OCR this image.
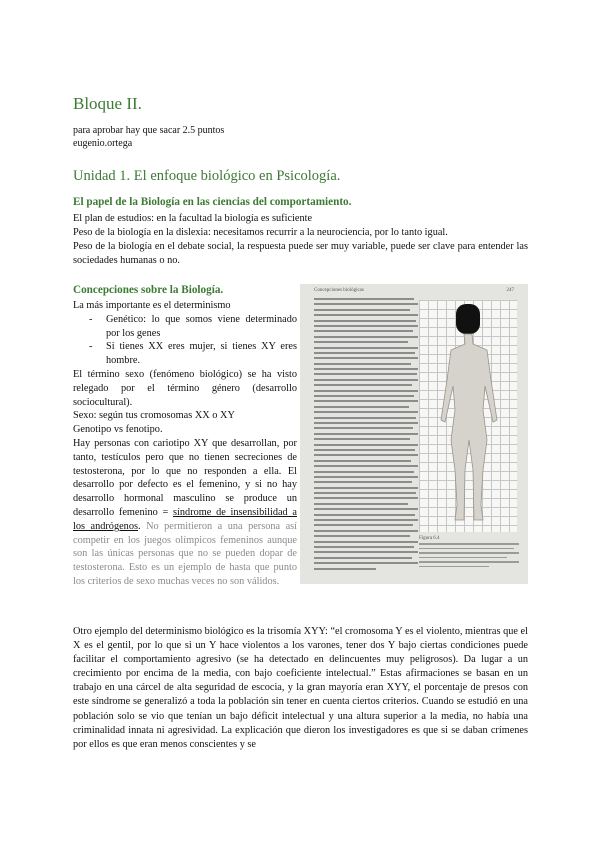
Bloque II.
para aprobar hay que sacar 2.5 puntos
eugenio.ortega
Unidad 1. El enfoque biológico en Psicología.
El papel de la Biología en las ciencias del comportamiento.
El plan de estudios: en la facultad la biología es suficiente
Peso de la biología en la dislexia: necesitamos recurrir a la neurociencia, por lo tanto igual.
Peso de la biología en el debate social, la respuesta puede ser muy variable, puede ser clave para entender las sociedades humanas o no.
Concepciones sobre la Biología.
La más importante es el determinismo
- Genético: lo que somos viene determinado por los genes
- Si tienes XX eres mujer, si tienes XY eres hombre.
El término sexo (fenómeno biológico) se ha visto relegado por el término género (desarrollo sociocultural).
Sexo: según tus cromosomas XX o XY
Genotipo vs fenotipo.
Hay personas con cariotipo XY que desarrollan, por tanto, testículos pero que no tienen secreciones de testosterona, por lo que no responden a ella. El desarrollo por defecto es el femenino, y si no hay desarrollo hormonal masculino se produce un desarrollo femenino = síndrome de insensibilidad a los andrógenos. No permitieron a una persona así competir en los juegos olímpicos femeninos aunque son las únicas personas que no se pueden dopar de testosterona. Esto es un ejemplo de hasta que punto los criterios de sexo muchas veces no son válidos.
Concepciones biológicas	247
Figura 6.4
Otro ejemplo del determinismo biológico es la trisomía XYY: “el cromosoma Y es el violento, mientras que el X es el gentil, por lo que si un Y hace violentos a los varones, tener dos Y bajo ciertas condiciones puede facilitar el comportamiento agresivo (se ha detectado en delincuentes muy peligrosos). Da lugar a un crecimiento por encima de la media, con bajo coeficiente intelectual.” Estas afirmaciones se basan en un trabajo en una cárcel de alta seguridad de escocia, y la gran mayoría eran XYY, el porcentaje de presos con este síndrome se generalizó a toda la población sin tener en cuenta ciertos criterios. Cuando se estudió en una población solo se vio que tenían un bajo déficit intelectual y una altura superior a la media, no había una criminalidad innata ni agresividad. La explicación que dieron los investigadores es que si se daban crímenes por ellos es que eran menos conscientes y se
